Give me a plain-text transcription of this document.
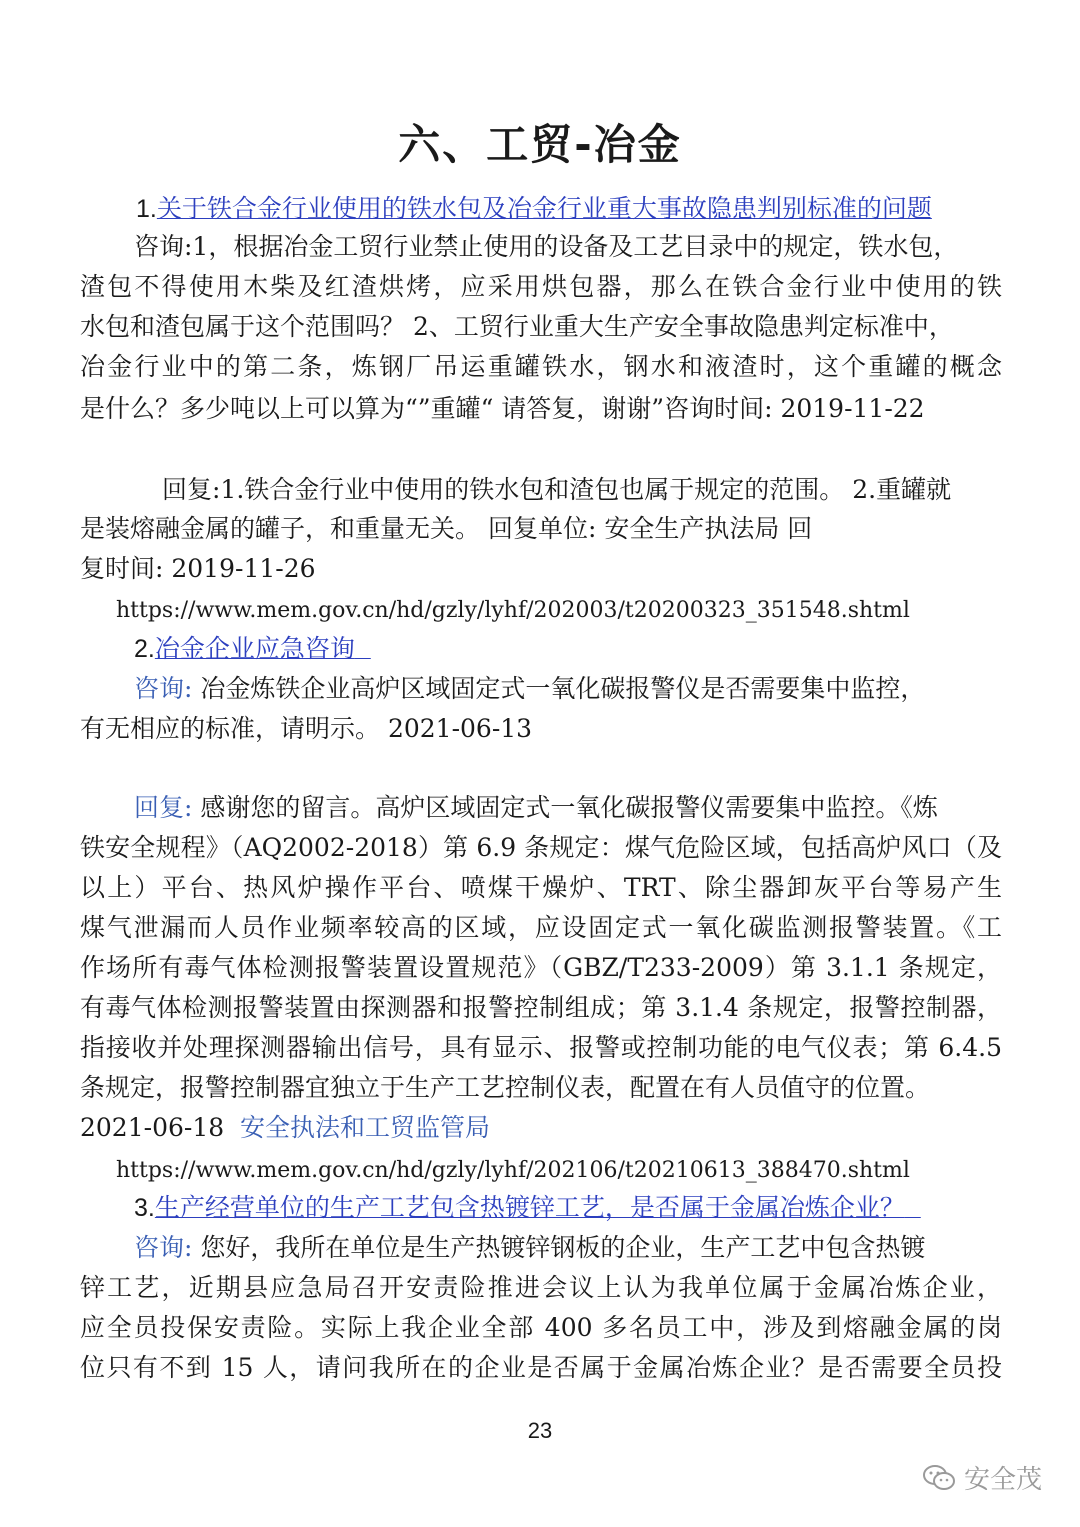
六、工贸-冶金
1.关于铁合金行业使用的铁水包及冶金行业重大事故隐患判别标准的问题
咨询:1，根据冶金工贸行业禁止使用的设备及工艺目录中的规定，铁水包，
渣包不得使用木柴及红渣烘烤，应采用烘包器，那么在铁合金行业中使用的铁
水包和渣包属于这个范围吗？ 2、工贸行业重大生产安全事故隐患判定标准中，
冶金行业中的第二条，炼钢厂吊运重罐铁水，钢水和液渣时，这个重罐的概念
是什么？多少吨以上可以算为“”重罐“ 请答复，谢谢”咨询时间: 2019-11-22
回复:1.铁合金行业中使用的铁水包和渣包也属于规定的范围。 2.重罐就
是装熔融金属的罐子，和重量无关。 回复单位: 安全生产执法局 回
复时间: 2019-11-26
https://www.mem.gov.cn/hd/gzly/lyhf/202003/t20200323_351548.shtml
2.冶金企业应急咨询
咨询: 冶金炼铁企业高炉区域固定式一氧化碳报警仪是否需要集中监控，
有无相应的标准，请明示。 2021-06-13
回复: 感谢您的留言。高炉区域固定式一氧化碳报警仪需要集中监控。《炼
铁安全规程》（AQ2002-2018）第 6.9 条规定：煤气危险区域，包括高炉风口（及
以上）平台、热风炉操作平台、喷煤干燥炉、TRT、除尘器卸灰平台等易产生
煤气泄漏而人员作业频率较高的区域，应设固定式一氧化碳监测报警装置。《工
作场所有毒气体检测报警装置设置规范》（GBZ/T233-2009）第 3.1.1 条规定，
有毒气体检测报警装置由探测器和报警控制组成；第 3.1.4 条规定，报警控制器，
指接收并处理探测器输出信号，具有显示、报警或控制功能的电气仪表；第 6.4.5
条规定，报警控制器宜独立于生产工艺控制仪表，配置在有人员值守的位置。
2021-06-18 安全执法和工贸监管局
https://www.mem.gov.cn/hd/gzly/lyhf/202106/t20210613_388470.shtml
3.生产经营单位的生产工艺包含热镀锌工艺，是否属于金属冶炼企业？
咨询: 您好，我所在单位是生产热镀锌钢板的企业，生产工艺中包含热镀
锌工艺，近期县应急局召开安责险推进会议上认为我单位属于金属冶炼企业，
应全员投保安责险。实际上我企业全部 400 多名员工中，涉及到熔融金属的岗
位只有不到 15 人，请问我所在的企业是否属于金属冶炼企业？是否需要全员投
23
安全茂
